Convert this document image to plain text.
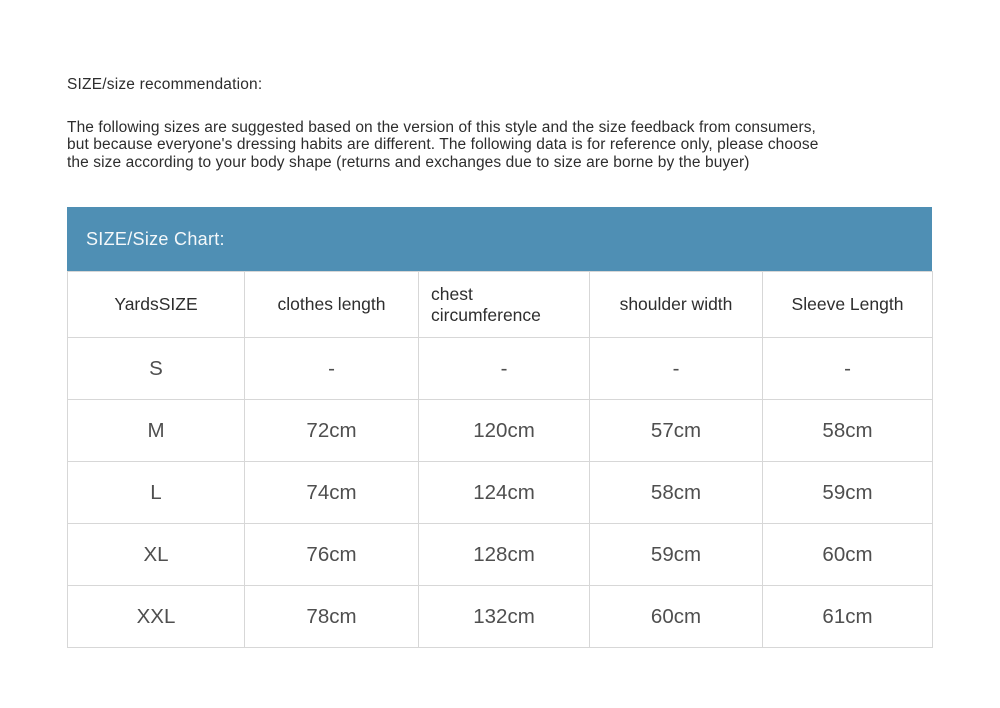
SIZE/size recommendation:
The following sizes are suggested based on the version of this style and the size feedback from consumers,
but because everyone's dressing habits are different. The following data is for reference only, please choose
the size according to your body shape (returns and exchanges due to size are borne by the buyer)
SIZE/Size Chart:
YardsSIZE	clothes length	chest circumference	shoulder width	Sleeve Length
S	-	-	-	-
M	72cm	120cm	57cm	58cm
L	74cm	124cm	58cm	59cm
XL	76cm	128cm	59cm	60cm
XXL	78cm	132cm	60cm	61cm
